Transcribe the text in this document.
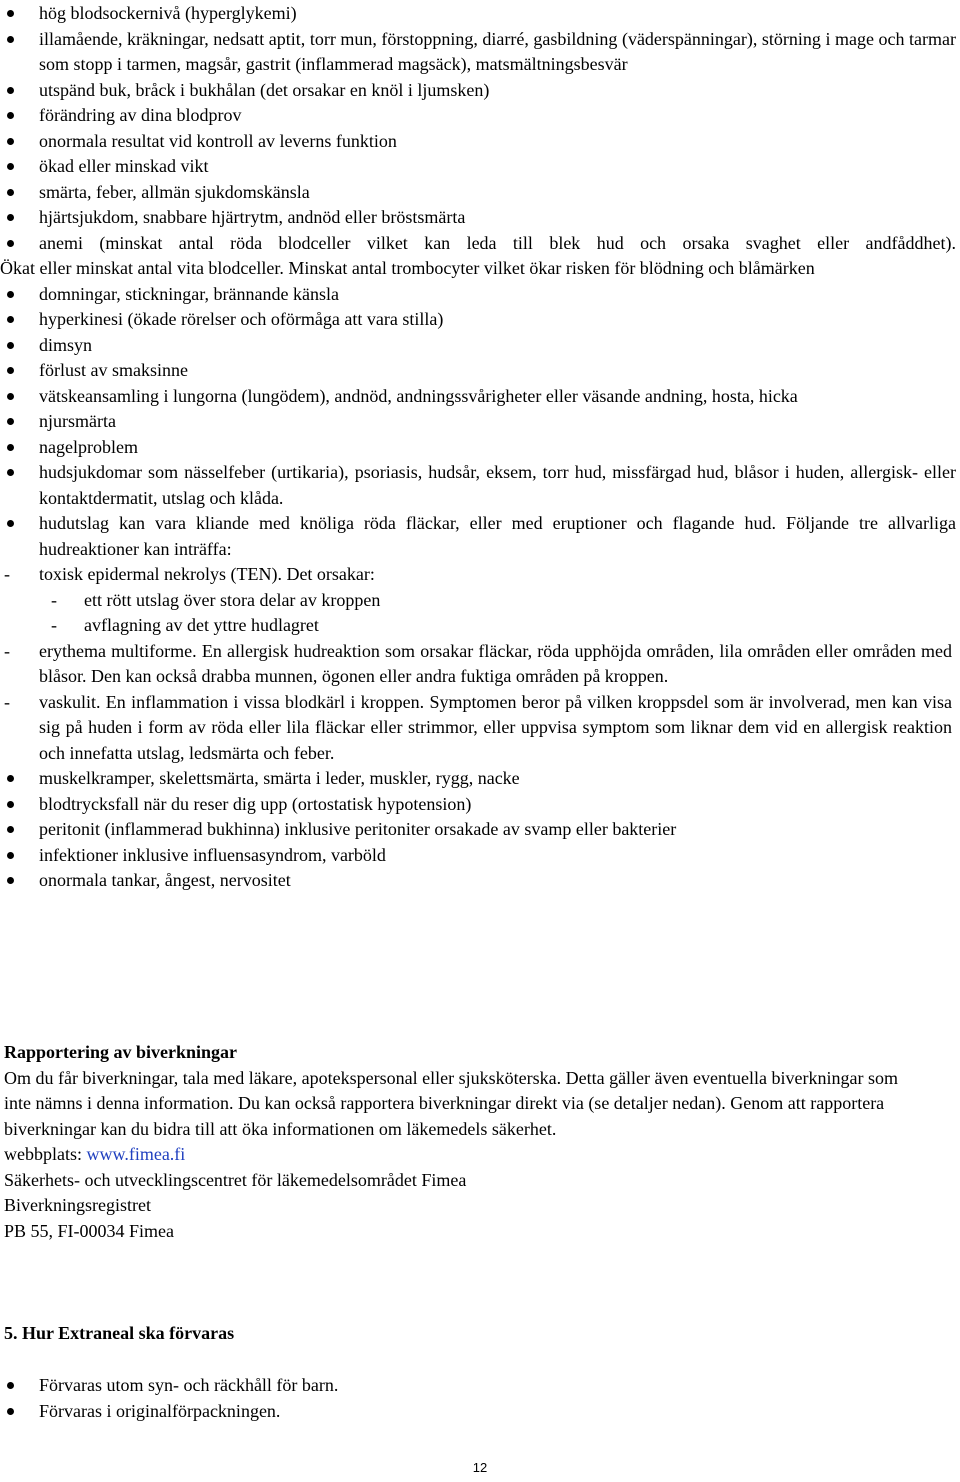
hög blodsockernivå (hyperglykemi)
illamående, kräkningar, nedsatt aptit, torr mun, förstoppning, diarré, gasbildning (väderspänningar), störning i mage och tarmar som stopp i tarmen, magsår, gastrit (inflammerad magsäck), matsmältningsbesvär
utspänd buk, bråck i bukhålan (det orsakar en knöl i ljumsken)
förändring av dina blodprov
onormala resultat vid kontroll av leverns funktion
ökad eller minskad vikt
smärta, feber, allmän sjukdomskänsla
hjärtsjukdom, snabbare hjärtrytm, andnöd eller bröstsmärta
anemi (minskat antal röda blodceller vilket kan leda till blek hud och orsaka svaghet eller andfåddhet).
Ökat eller minskat antal vita blodceller. Minskat antal trombocyter vilket ökar risken för blödning och blåmärken
domningar, stickningar, brännande känsla
hyperkinesi (ökade rörelser och oförmåga att vara stilla)
dimsyn
förlust av smaksinne
vätskeansamling i lungorna (lungödem), andnöd, andningssvårigheter eller väsande andning, hosta, hicka
njursmärta
nagelproblem
hudsjukdomar som nässelfeber (urtikaria), psoriasis, hudsår, eksem, torr hud, missfärgad hud, blåsor i huden, allergisk- eller kontaktdermatit, utslag och klåda.
hudutslag kan vara kliande med knöliga röda fläckar, eller med eruptioner och flagande hud. Följande tre allvarliga hudreaktioner kan inträffa:
- toxisk epidermal nekrolys (TEN). Det orsakar:
- ett rött utslag över stora delar av kroppen
- avflagning av det yttre hudlagret
- erythema multiforme. En allergisk hudreaktion som orsakar fläckar, röda upphöjda områden, lila områden eller områden med blåsor. Den kan också drabba munnen, ögonen eller andra fuktiga områden på kroppen.
- vaskulit. En inflammation i vissa blodkärl i kroppen. Symptomen beror på vilken kroppsdel som är involverad, men kan visa sig på huden i form av röda eller lila fläckar eller strimmor, eller uppvisa symptom som liknar dem vid en allergisk reaktion och innefatta utslag, ledsmärta och feber.
muskelkramper, skelettsmärta, smärta i leder, muskler, rygg, nacke
blodtrycksfall när du reser dig upp (ortostatisk hypotension)
peritonit (inflammerad bukhinna) inklusive peritoniter orsakade av svamp eller bakterier
infektioner inklusive influensasyndrom, varböld
onormala tankar, ångest, nervositet
Rapportering av biverkningar

Om du får biverkningar, tala med läkare, apotekspersonal eller sjuksköterska. Detta gäller även eventuella biverkningar som inte nämns i denna information. Du kan också rapportera biverkningar direkt via (se detaljer nedan). Genom att rapportera biverkningar kan du bidra till att öka informationen om läkemedels säkerhet.

webbplats: www.fimea.fi

Säkerhets- och utvecklingscentret för läkemedelsområdet Fimea

Biverkningsregistret

PB 55, FI-00034 Fimea

5. Hur Extraneal ska förvaras
Förvaras utom syn- och räckhåll för barn.
Förvaras i originalförpackningen.
12
